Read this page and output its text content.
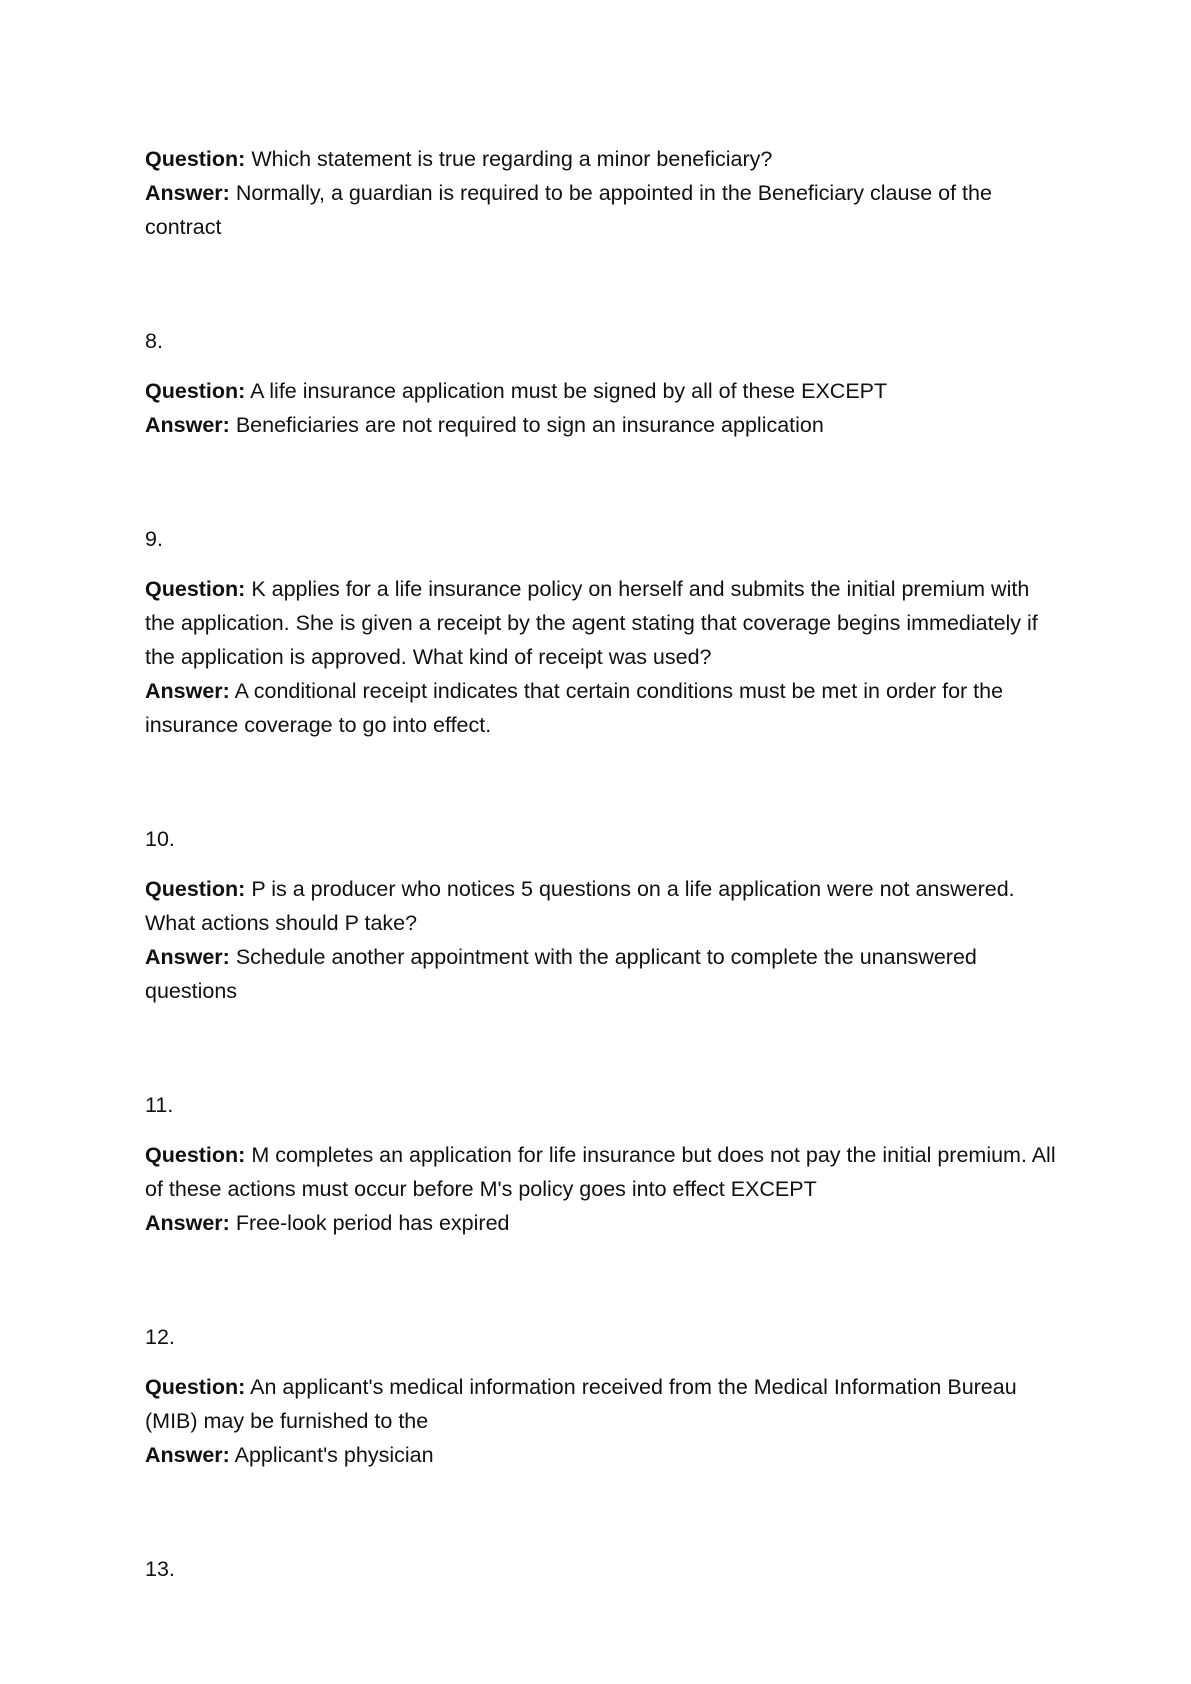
Question: Which statement is true regarding a minor beneficiary?

Answer: Normally, a guardian is required to be appointed in the Beneficiary clause of the contract

8.

Question: A life insurance application must be signed by all of these EXCEPT

Answer: Beneficiaries are not required to sign an insurance application

9.

Question: K applies for a life insurance policy on herself and submits the initial premium with the application. She is given a receipt by the agent stating that coverage begins immediately if the application is approved. What kind of receipt was used?

Answer: A conditional receipt indicates that certain conditions must be met in order for the insurance coverage to go into effect.

10.

Question: P is a producer who notices 5 questions on a life application were not answered. What actions should P take?

Answer: Schedule another appointment with the applicant to complete the unanswered questions

11.

Question: M completes an application for life insurance but does not pay the initial premium. All of these actions must occur before M's policy goes into effect EXCEPT

Answer: Free-look period has expired

12.

Question: An applicant's medical information received from the Medical Information Bureau (MIB) may be furnished to the

Answer: Applicant's physician

13.
